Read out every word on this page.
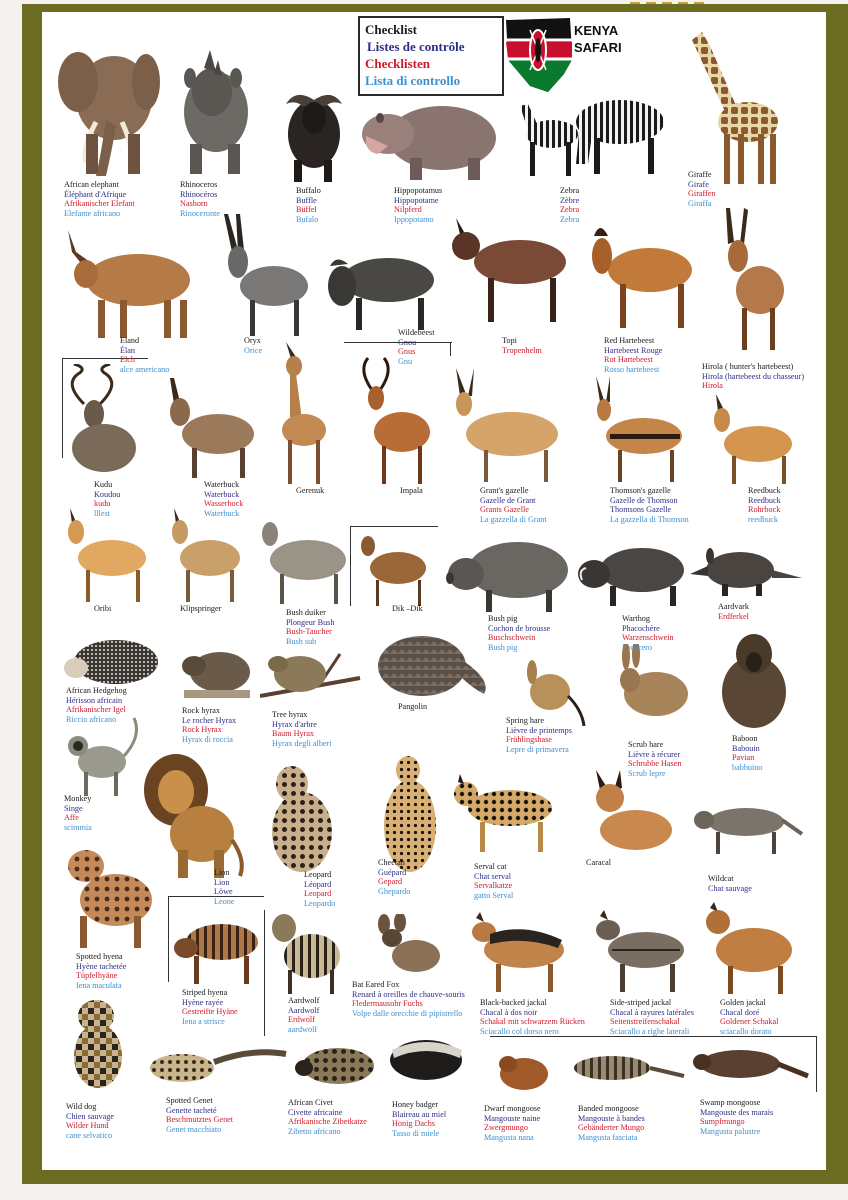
Checklist
Listes de contrôle
Checklisten
Lista di controllo
KENYA
SAFARI
African elephant
Éléphant d'Afrique
Afrikanischer Elefant
Elefante africano
Rhinoceros
Rhinocéros
Nashorn
Rinoceronte
Buffalo
Buffle
Büffel
Bufalo
Hippopotamus
Hippopotame
Nilpferd
Ippopotamo
Zebra
Zèbre
Zebra
Zebra
Giraffe
Girafe
Giraffen
Giraffa
Eland
Élan
Elch
alce americano
Oryx
Orice
Wildebeest
Gnou
Gnus
Gnu
Topi
Tropenhelm
Red Hartebeest
Hartebeest Rouge
Rot Hartebeest
Rosso hartebeest	Hirola ( hunter's hartebeest)
Hirola (hartebeest du chasseur)
Hirola
Kudu
Koudou
kudu
lllest
Waterbuck
Waterbuck
Wasserbock
Waterbuck
Gerenuk	Impala	Grant's gazelle
Gazelle de Grant
Grants Gazelle
La gazzella di Grant
Thomson's gazelle
Gazelle de Thomson
Thomsons Gazelle
La gazzella di Thomson
Reedbuck
Reedbuck
Rohrbock
reedbuck
Oribi	Klipspringer	Bush duiker
Plongeur Bush
Bush-Taucher
Bush sub
Dik –Dik
Bush pig
Cochon de brousse
Buschschwein
Bush pig
Warthog
Phacochère
Warzenschwein
Facocero
Aardvark
Erdferkel
African Hedgehog
Hérisson africain
Afrikanischer Igel
Riccio africano
Rock hyrax
Le rocher Hyrax
Rock Hyrax
Hyrax di roccia
Tree hyrax
Hyrax d'arbre
Baum Hyrax
Hyrax degli alberi
Pangolin
Spring hare
Lièvre de printemps
Frühlingshase
Lepre di primavera
Scrub hare
Lièvre à récurer
Schrubbe Hasen
Scrub lepre
Baboon
Babouin
Pavian
babbuino
Monkey
Singe
Affe
scimmia
Lion
Lion
Löwe
Leone
Leopard
Léopard
Leopard
Leopardo
Cheetah
Guépard
Gepard
Ghepardo
Serval cat
Chat serval
Servalkatze
gatto Serval
Caracal
Wildcat
Chat sauvage
Spotted hyena
Hyène tachetée
Tüpfelhyäne
Iena maculata
Striped hyena
Hyène rayée
Gestreifte Hyäne
Iena a strisce
Aardwolf
Aardwolf
Erdwolf
aardwolf
Bat Eared Fox
Renard à oreilles de chauve-souris
Fledermausohr Fuchs
Volpe dalle orecchie di pipistrello
Black-backed jackal
Chacal à dos noir
Schakal mit schwarzem Rücken
Sciacallo col dorso nero
Side-striped jackal
Chacal à rayures latérales
Seitenstreifenschakal
Sciacallo a righe laterali
Golden jackal
Chacal doré
Goldener Schakal
sciacallo dorato
Wild dog
Chien sauvage
Wilder Hund
cane selvatico
Spotted Genet
Genette tacheté
Beschmutztes Genet
Genet macchiato
African Civet
Civette africaine
Afrikanische Zibetkatze
Zibetto africano
Honey badger
Blaireau au miel
Honig Dachs
Tasso di miele
Dwarf mongoose
Mangouste naine
Zwergmungo
Mangusta nana
Banded mongoose
Mangouste à bandes
Gebänderter Mungo
Mangusta fasciata
Swamp mongoose
Mangouste des marais
Sumpfmungo
Mangusta palustre
